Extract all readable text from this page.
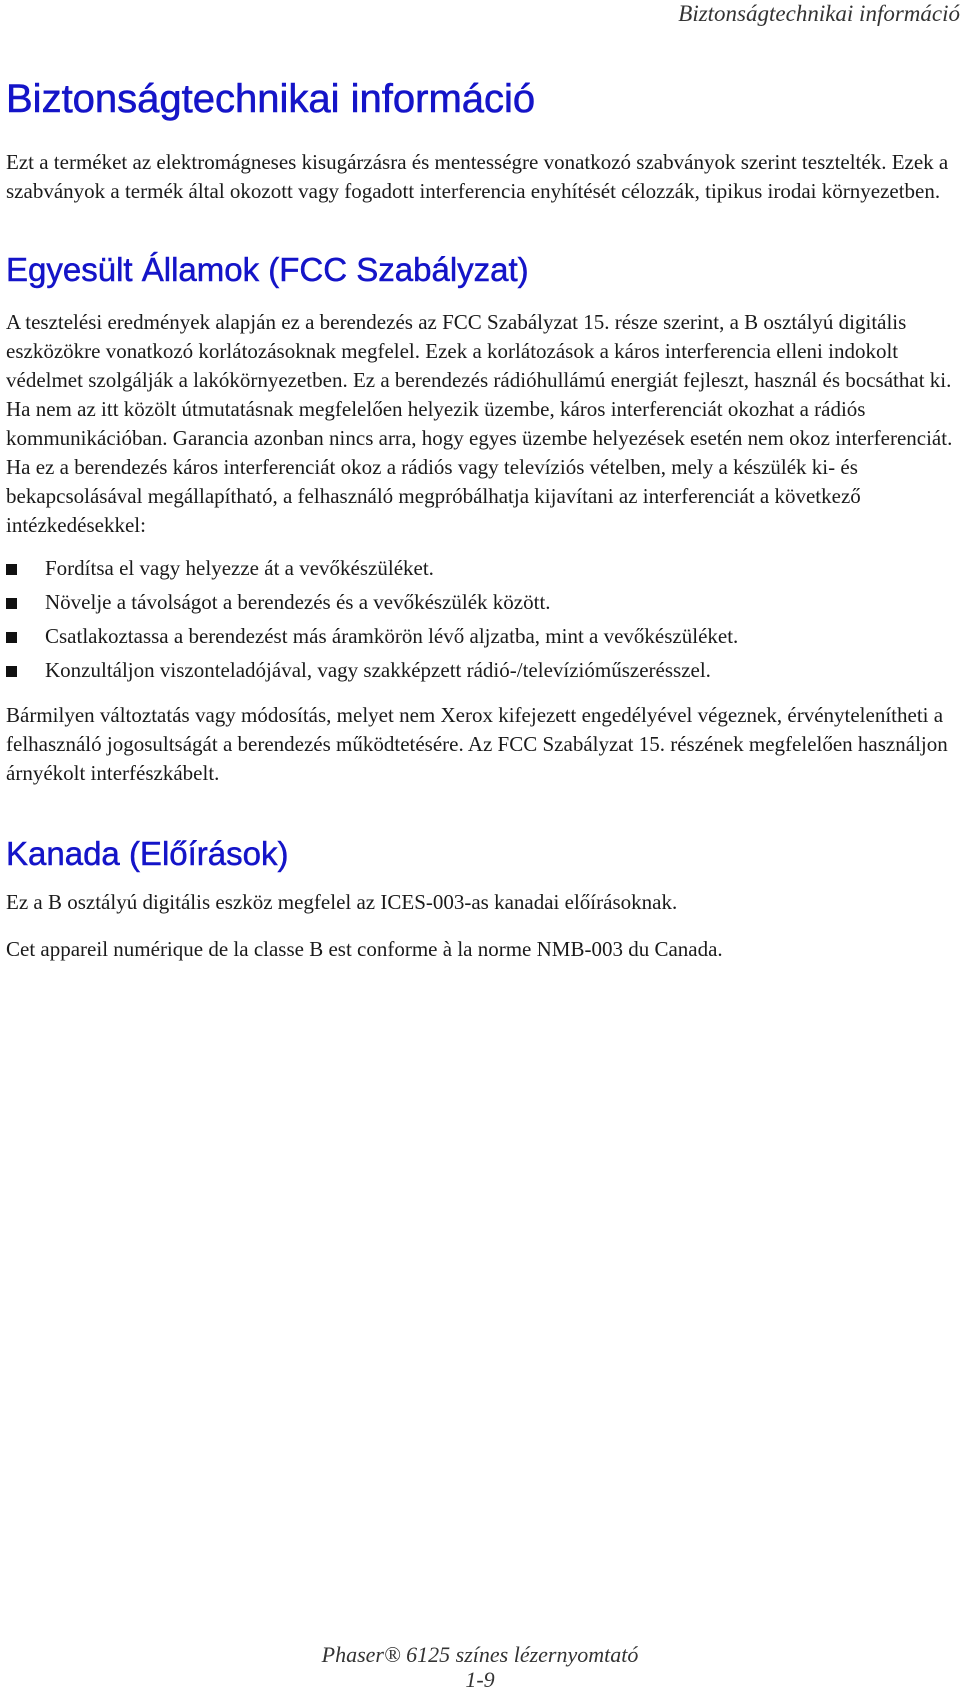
Biztonságtechnikai információ
Biztonságtechnikai információ

Ezt a terméket az elektromágneses kisugárzásra és mentességre vonatkozó szabványok szerint tesztelték. Ezek a szabványok a termék által okozott vagy fogadott interferencia enyhítését célozzák, tipikus irodai környezetben.

Egyesült Államok (FCC Szabályzat)

A tesztelési eredmények alapján ez a berendezés az FCC Szabályzat 15. része szerint, a B osztályú digitális eszközökre vonatkozó korlátozásoknak megfelel. Ezek a korlátozások a káros interferencia elleni indokolt védelmet szolgálják a lakókörnyezetben. Ez a berendezés rádióhullámú energiát fejleszt, használ és bocsáthat ki. Ha nem az itt közölt útmutatásnak megfelelően helyezik üzembe, káros interferenciát okozhat a rádiós kommunikációban. Garancia azonban nincs arra, hogy egyes üzembe helyezések esetén nem okoz interferenciát. Ha ez a berendezés káros interferenciát okoz a rádiós vagy televíziós vételben, mely a készülék ki- és bekapcsolásával megállapítható, a felhasználó megpróbálhatja kijavítani az interferenciát a következő intézkedésekkel:

Fordítsa el vagy helyezze át a vevőkészüléket.
Növelje a távolságot a berendezés és a vevőkészülék között.
Csatlakoztassa a berendezést más áramkörön lévő aljzatba, mint a vevőkészüléket.
Konzultáljon viszonteladójával, vagy szakképzett rádió-/televízióműszerésszel.

Bármilyen változtatás vagy módosítás, melyet nem Xerox kifejezett engedélyével végeznek, érvénytelenítheti a felhasználó jogosultságát a berendezés működtetésére. Az FCC Szabályzat 15. részének megfelelően használjon árnyékolt interfészkábelt.

Kanada (Előírások)

Ez a B osztályú digitális eszköz megfelel az ICES-003-as kanadai előírásoknak.

Cet appareil numérique de la classe B est conforme à la norme NMB-003 du Canada.

Phaser® 6125 színes lézernyomtató
1-9
